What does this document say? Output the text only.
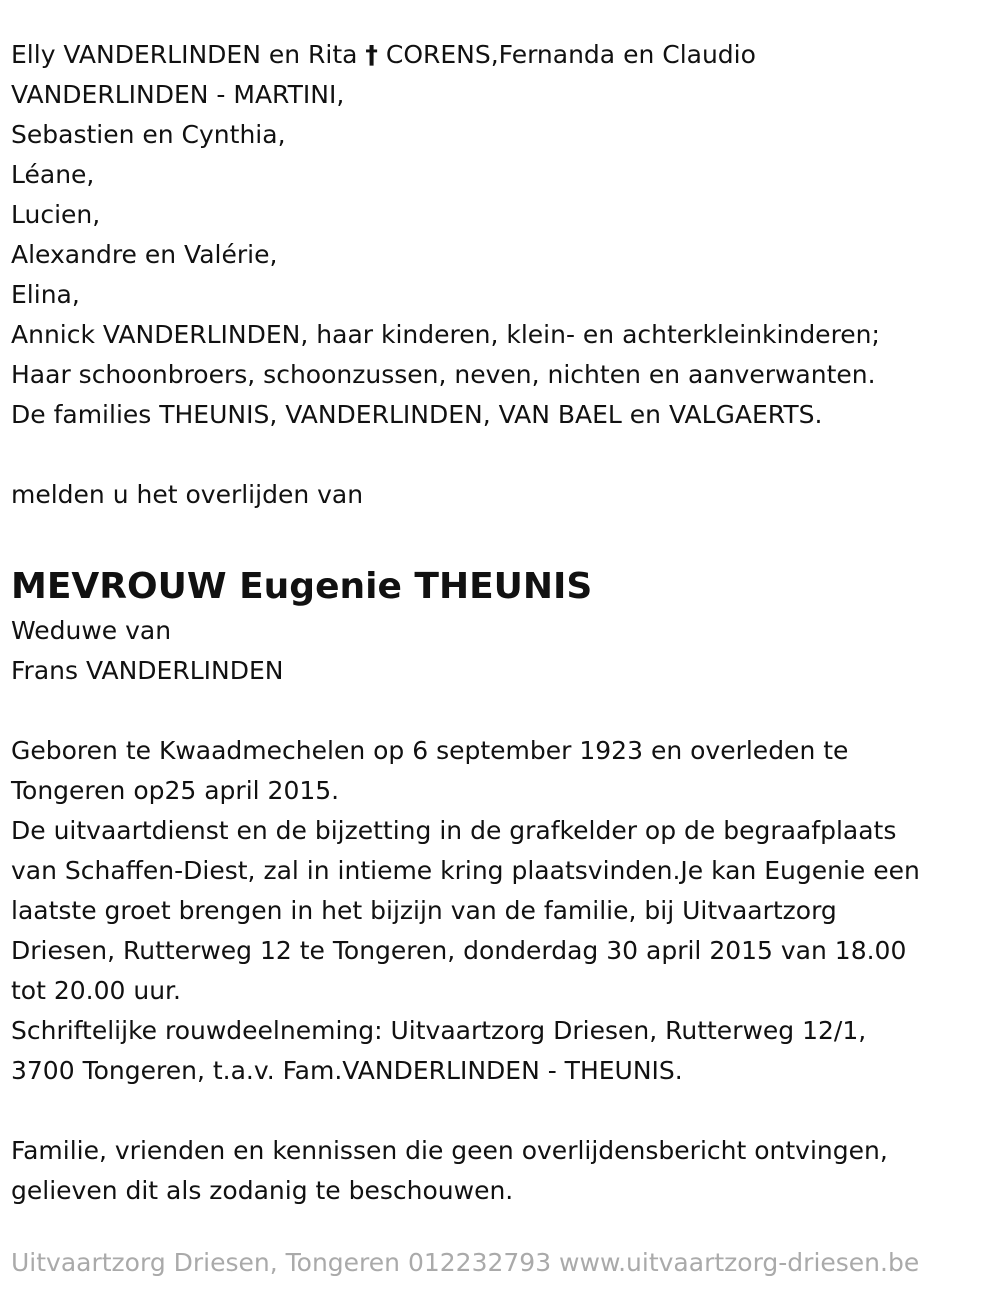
Elly VANDERLINDEN en Rita † CORENS,Fernanda en Claudio
VANDERLINDEN - MARTINI,
Sebastien en Cynthia,
Léane,
Lucien,
Alexandre en Valérie,
Elina,
Annick VANDERLINDEN, haar kinderen, klein- en achterkleinkinderen;
Haar schoonbroers, schoonzussen, neven, nichten en aanverwanten.
De families THEUNIS, VANDERLINDEN, VAN BAEL en VALGAERTS.
melden u het overlijden van
MEVROUW Eugenie THEUNIS
Weduwe van
Frans VANDERLINDEN
Geboren te Kwaadmechelen op 6 september 1923 en overleden te
Tongeren op25 april 2015.
De uitvaartdienst en de bijzetting in de grafkelder op de begraafplaats
van Schaffen-Diest, zal in intieme kring plaatsvinden.Je kan Eugenie een
laatste groet brengen in het bijzijn van de familie, bij Uitvaartzorg
Driesen, Rutterweg 12 te Tongeren, donderdag 30 april 2015 van 18.00
tot 20.00 uur.
Schriftelijke rouwdeelneming: Uitvaartzorg Driesen, Rutterweg 12/1,
3700 Tongeren, t.a.v. Fam.VANDERLINDEN - THEUNIS.
Familie, vrienden en kennissen die geen overlijdensbericht ontvingen,
gelieven dit als zodanig te beschouwen.
Uitvaartzorg Driesen, Tongeren 012232793 www.uitvaartzorg-driesen.be
